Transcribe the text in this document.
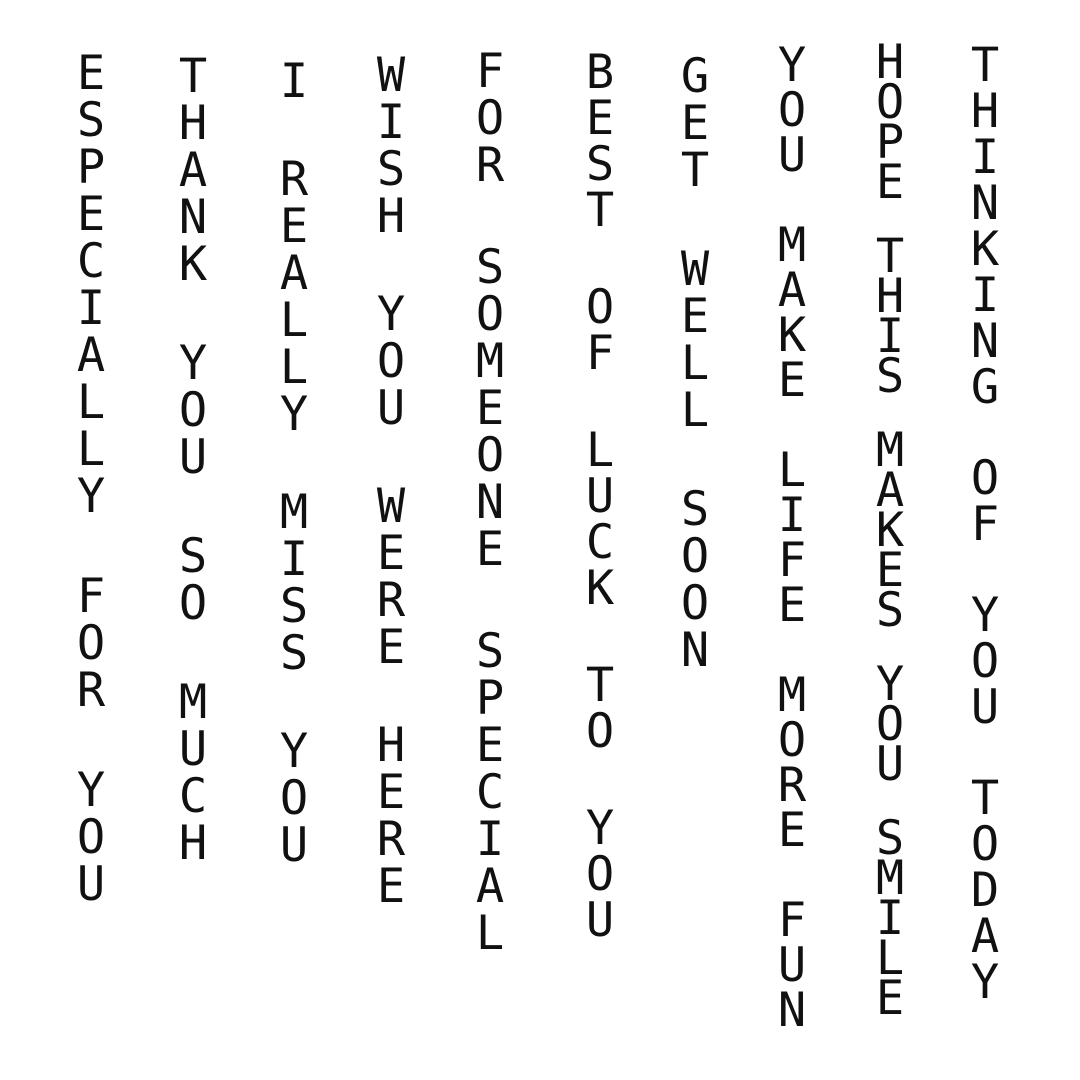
E
S
P
E
C
I
A
L
L
Y
F
O
R
Y
O
U
T
H
A
N
K
Y
O
U
S
O
M
U
C
H
I
R
E
A
L
L
Y
M
I
S
S
Y
O
U
W
I
S
H
Y
O
U
W
E
R
E
H
E
R
E
F
O
R
S
O
M
E
O
N
E
S
P
E
C
I
A
L
B
E
S
T
O
F
L
U
C
K
T
O
Y
O
U
G
E
T
W
E
L
L
S
O
O
N
Y
O
U
M
A
K
E
L
I
F
E
M
O
R
E
F
U
N
H
O
P
E
T
H
I
S
M
A
K
E
S
Y
O
U
S
M
I
L
E
T
H
I
N
K
I
N
G
O
F
Y
O
U
T
O
D
A
Y
